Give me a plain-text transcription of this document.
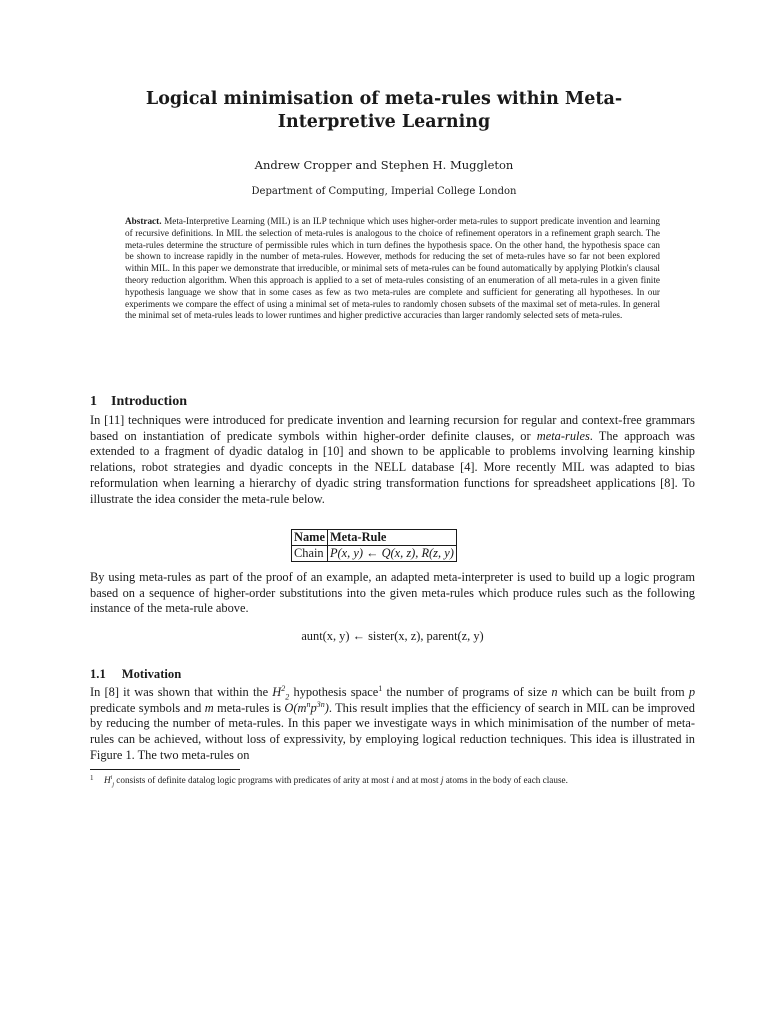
Logical minimisation of meta-rules within Meta-Interpretive Learning
Andrew Cropper and Stephen H. Muggleton
Department of Computing, Imperial College London
Abstract. Meta-Interpretive Learning (MIL) is an ILP technique which uses higher-order meta-rules to support predicate invention and learning of recursive definitions. In MIL the selection of meta-rules is analogous to the choice of refinement operators in a refinement graph search. The meta-rules determine the structure of permissible rules which in turn defines the hypothesis space. On the other hand, the hypothesis space can be shown to increase rapidly in the number of meta-rules. However, methods for reducing the set of meta-rules have so far not been explored within MIL. In this paper we demonstrate that irreducible, or minimal sets of meta-rules can be found automatically by applying Plotkin's clausal theory reduction algorithm. When this approach is applied to a set of meta-rules consisting of an enumeration of all meta-rules in a given finite hypothesis language we show that in some cases as few as two meta-rules are complete and sufficient for generating all hypotheses. In our experiments we compare the effect of using a minimal set of meta-rules to randomly chosen subsets of the maximal set of meta-rules. In general the minimal set of meta-rules leads to lower runtimes and higher predictive accuracies than larger randomly selected sets of meta-rules.
1 Introduction
In [11] techniques were introduced for predicate invention and learning recursion for regular and context-free grammars based on instantiation of predicate symbols within higher-order definite clauses, or meta-rules. The approach was extended to a fragment of dyadic datalog in [10] and shown to be applicable to problems involving learning kinship relations, robot strategies and dyadic concepts in the NELL database [4]. More recently MIL was adapted to bias reformulation when learning a hierarchy of dyadic string transformation functions for spreadsheet applications [8]. To illustrate the idea consider the meta-rule below.
Name	Meta-Rule
Chain	P(x, y) ← Q(x, z), R(z, y)
By using meta-rules as part of the proof of an example, an adapted meta-interpreter is used to build up a logic program based on a sequence of higher-order substitutions into the given meta-rules which produce rules such as the following instance of the meta-rule above.
aunt(x, y) ← sister(x, z), parent(z, y)
1.1 Motivation
In [8] it was shown that within the $H^2_2$ hypothesis space$^1$ the number of programs of size n which can be built from p predicate symbols and m meta-rules is $O(m^np^{3n})$. This result implies that the efficiency of search in MIL can be improved by reducing the number of meta-rules. In this paper we investigate ways in which minimisation of the number of meta-rules can be achieved, without loss of expressivity, by employing logical reduction techniques. This idea is illustrated in Figure 1. The two meta-rules on
1	$H^i_j$ consists of definite datalog logic programs with predicates of arity at most i and at most j atoms in the body of each clause.
